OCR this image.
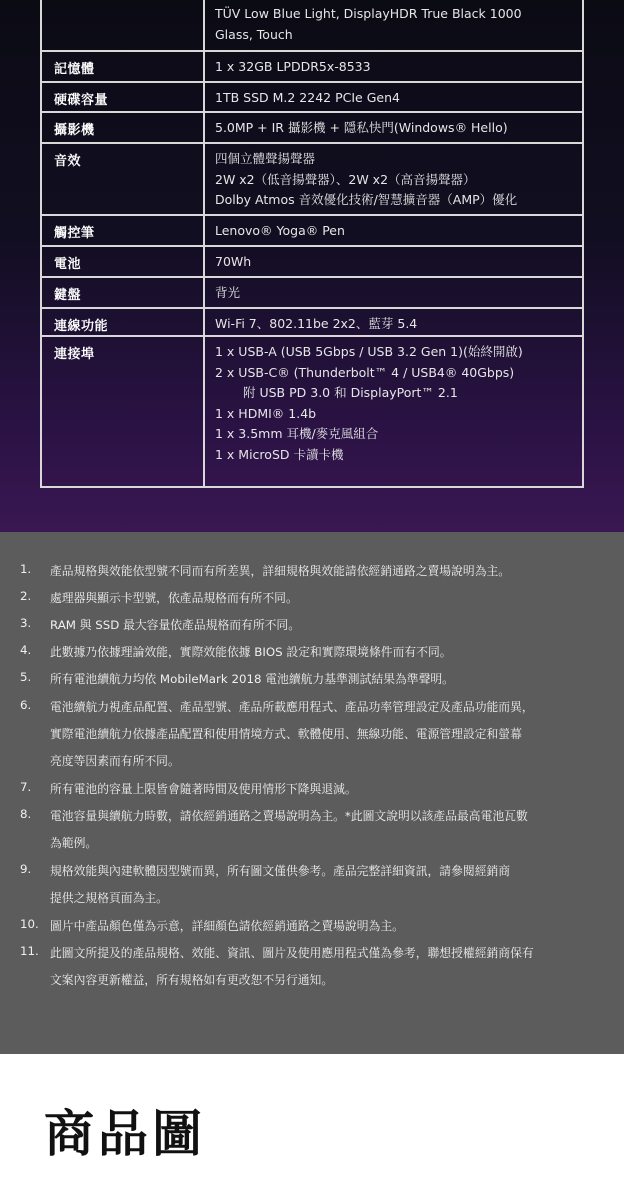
TÜV Low Blue Light, DisplayHDR True Black 1000
Glass, Touch
記憶體	1 x 32GB LPDDR5x-8533
硬碟容量	1TB SSD M.2 2242 PCIe Gen4
攝影機	5.0MP + IR 攝影機 + 隱私快門(Windows® Hello)
音效	四個立體聲揚聲器
2W x2（低音揚聲器）、2W x2（高音揚聲器）
Dolby Atmos 音效優化技術/智慧擴音器（AMP）優化
觸控筆	Lenovo® Yoga® Pen
電池	70Wh
鍵盤	背光
連線功能	Wi-Fi 7、802.11be 2x2、藍芽 5.4
連接埠	1 x USB-A (USB 5Gbps / USB 3.2 Gen 1)(始終開啟)
2 x USB-C® (Thunderbolt™ 4 / USB4® 40Gbps)
附 USB PD 3.0 和 DisplayPort™ 2.1
1 x HDMI® 1.4b
1 x 3.5mm 耳機/麥克風組合
1 x MicroSD 卡讀卡機
1.	產品規格與效能依型號不同而有所差異，詳細規格與效能請依經銷通路之賣場說明為主。
2.	處理器與顯示卡型號，依產品規格而有所不同。
3.	RAM 與 SSD 最大容量依產品規格而有所不同。
4.	此數據乃依據理論效能，實際效能依據 BIOS 設定和實際環境條件而有不同。
5.	所有電池續航力均依 MobileMark 2018 電池續航力基準測試結果為準聲明。
6.	電池續航力視產品配置、產品型號、產品所載應用程式、產品功率管理設定及產品功能而異，
實際電池續航力依據產品配置和使用情境方式、軟體使用、無線功能、電源管理設定和螢幕
亮度等因素而有所不同。
7.	所有電池的容量上限皆會隨著時間及使用情形下降與退減。
8.	電池容量與續航力時數，請依經銷通路之賣場說明為主。*此圖文說明以該產品最高電池瓦數
為範例。
9.	規格效能與內建軟體因型號而異，所有圖文僅供參考。產品完整詳細資訊，請參閱經銷商
提供之規格頁面為主。
10. 圖片中產品顏色僅為示意，詳細顏色請依經銷通路之賣場說明為主。
11. 此圖文所提及的產品規格、效能、資訊、圖片及使用應用程式僅為參考，聯想授權經銷商保有
文案內容更新權益，所有規格如有更改恕不另行通知。
商品圖
